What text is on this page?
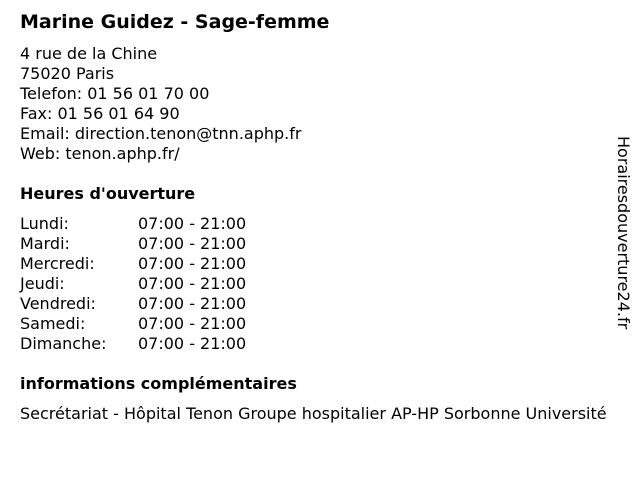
Marine Guidez - Sage-femme
4 rue de la Chine
75020 Paris
Telefon: 01 56 01 70 00
Fax: 01 56 01 64 90
Email: direction.tenon@tnn.aphp.fr
Web: tenon.aphp.fr/
Heures d'ouverture
Lundi:	07:00 - 21:00
Mardi:	07:00 - 21:00
Mercredi:	07:00 - 21:00
Jeudi:	07:00 - 21:00
Vendredi:	07:00 - 21:00
Samedi:	07:00 - 21:00
Dimanche:	07:00 - 21:00
informations complémentaires
Secrétariat - Hôpital Tenon Groupe hospitalier AP-HP Sorbonne Université
Horairesdouverture24.fr
